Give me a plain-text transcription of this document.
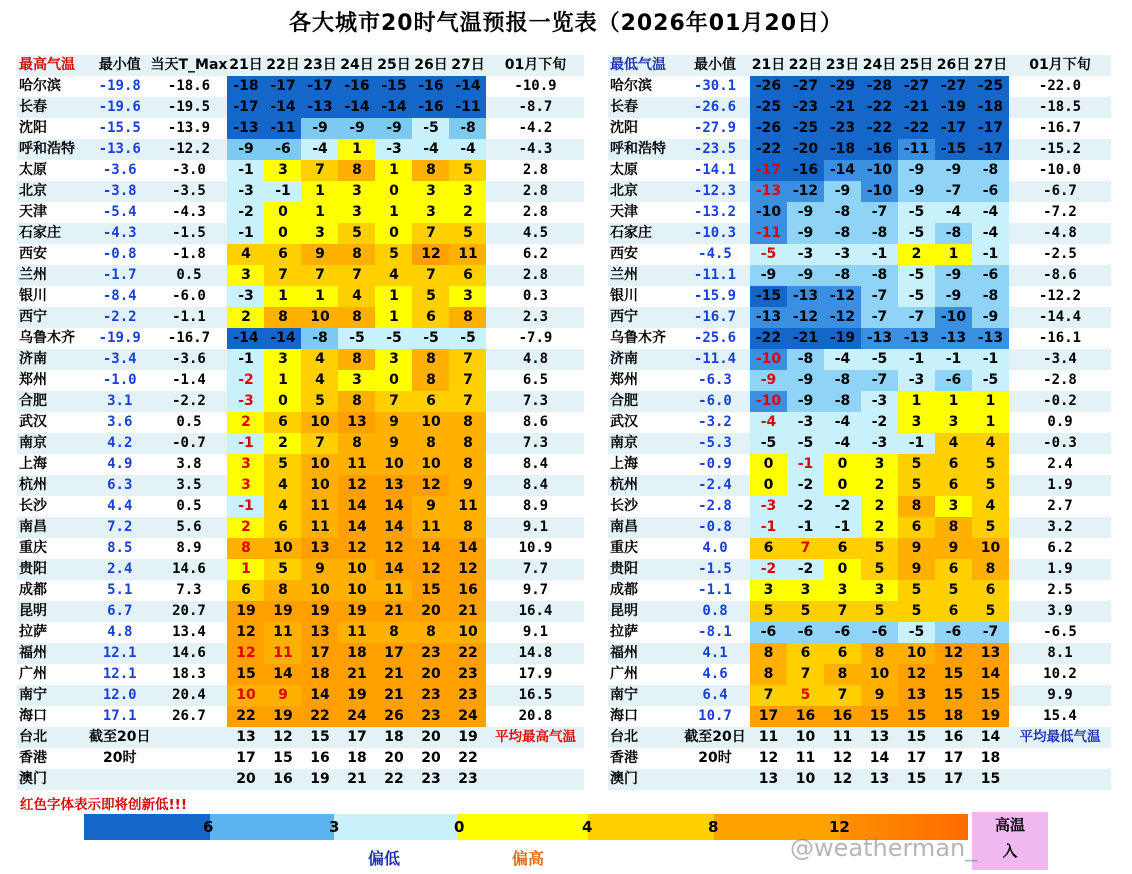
各大城市20时气温预报一览表（2026年01月20日）
最高气温	最小值	当天T_Max	21日	22日	23日	24日	25日	26日	27日	01月下旬
哈尔滨	-19.8	-18.6	-18	-17	-17	-16	-15	-16	-14	-10.9
长春	-19.6	-19.5	-17	-14	-13	-14	-14	-16	-11	-8.7
沈阳	-15.5	-13.9	-13	-11	-9	-9	-9	-5	-8	-4.2
呼和浩特	-13.6	-12.2	-9	-6	-4	1	-3	-4	-4	-4.3
太原	-3.6	-3.0	-1	3	7	8	1	8	5	2.8
北京	-3.8	-3.5	-3	-1	1	3	0	3	3	2.8
天津	-5.4	-4.3	-2	0	1	3	1	3	2	2.8
石家庄	-4.3	-1.5	-1	0	3	5	0	7	5	4.5
西安	-0.8	-1.8	4	6	9	8	5	12	11	6.2
兰州	-1.7	0.5	3	7	7	7	4	7	6	2.8
银川	-8.4	-6.0	-3	1	1	4	1	5	3	0.3
西宁	-2.2	-1.1	2	8	10	8	1	6	8	2.3
乌鲁木齐	-19.9	-16.7	-14	-14	-8	-5	-5	-5	-5	-7.9
济南	-3.4	-3.6	-1	3	4	8	3	8	7	4.8
郑州	-1.0	-1.4	-2	1	4	3	0	8	7	6.5
合肥	3.1	-2.2	-3	0	5	8	7	6	7	7.3
武汉	3.6	0.5	2	6	10	13	9	10	8	8.6
南京	4.2	-0.7	-1	2	7	8	9	8	8	7.3
上海	4.9	3.8	3	5	10	11	10	10	8	8.4
杭州	6.3	3.5	3	4	10	12	13	12	9	8.4
长沙	4.4	0.5	-1	4	11	14	14	9	11	8.9
南昌	7.2	5.6	2	6	11	14	14	11	8	9.1
重庆	8.5	8.9	8	10	13	12	12	14	14	10.9
贵阳	2.4	14.6	1	5	9	10	14	12	12	7.7
成都	5.1	7.3	6	8	10	10	11	15	16	9.7
昆明	6.7	20.7	19	19	19	19	21	20	21	16.4
拉萨	4.8	13.4	12	11	13	11	8	8	10	9.1
福州	12.1	14.6	12	11	17	18	17	23	22	14.8
广州	12.1	18.3	15	14	18	21	21	20	23	17.9
南宁	12.0	20.4	10	9	14	19	21	23	23	16.5
海口	17.1	26.7	22	19	22	24	26	23	24	20.8
台北	截至20日		13	12	15	17	18	20	19	平均最高气温
香港	20时		17	15	16	18	20	20	22	
澳门			20	16	19	21	22	23	23	
最低气温	最小值	21日	22日	23日	24日	25日	26日	27日	01月下旬
哈尔滨	-30.1	-26	-27	-29	-28	-27	-27	-25	-22.0
长春	-26.6	-25	-23	-21	-22	-21	-19	-18	-18.5
沈阳	-27.9	-26	-25	-23	-22	-22	-17	-17	-16.7
呼和浩特	-23.5	-22	-20	-18	-16	-11	-15	-17	-15.2
太原	-14.1	-17	-16	-14	-10	-9	-9	-8	-10.0
北京	-12.3	-13	-12	-9	-10	-9	-7	-6	-6.7
天津	-13.2	-10	-9	-8	-7	-5	-4	-4	-7.2
石家庄	-10.3	-11	-9	-8	-8	-5	-8	-4	-4.8
西安	-4.5	-5	-3	-3	-1	2	1	-1	-2.5
兰州	-11.1	-9	-9	-8	-8	-5	-9	-6	-8.6
银川	-15.9	-15	-13	-12	-7	-5	-9	-8	-12.2
西宁	-16.7	-13	-12	-12	-7	-7	-10	-9	-14.4
乌鲁木齐	-25.6	-22	-21	-19	-13	-13	-13	-13	-16.1
济南	-11.4	-10	-8	-4	-5	-1	-1	-1	-3.4
郑州	-6.3	-9	-9	-8	-7	-3	-6	-5	-2.8
合肥	-6.0	-10	-9	-8	-3	1	1	1	-0.2
武汉	-3.2	-4	-3	-4	-2	3	3	1	0.9
南京	-5.3	-5	-5	-4	-3	-1	4	4	-0.3
上海	-0.9	0	-1	0	3	5	6	5	2.4
杭州	-2.4	0	-2	0	2	5	6	5	1.9
长沙	-2.8	-3	-2	-2	2	8	3	4	2.7
南昌	-0.8	-1	-1	-1	2	6	8	5	3.2
重庆	4.0	6	7	6	5	9	9	10	6.2
贵阳	-1.5	-2	-2	0	5	9	6	8	1.9
成都	-1.1	3	3	3	3	5	5	6	2.5
昆明	0.8	5	5	7	5	5	6	5	3.9
拉萨	-8.1	-6	-6	-6	-6	-5	-6	-7	-6.5
福州	4.1	8	6	6	8	10	12	13	8.1
广州	4.6	8	7	8	10	12	15	14	10.2
南宁	6.4	7	5	7	9	13	15	15	9.9
海口	10.7	17	16	16	15	15	18	19	15.4
台北	截至20日	11	10	11	13	15	16	14	平均最低气温
香港	20时	12	11	12	14	17	17	18	
澳门		13	10	12	13	15	17	15	
红色字体表示即将创新低!!!
6	3	0	4	8	12	高温
入
偏低	偏高	@weatherman_
